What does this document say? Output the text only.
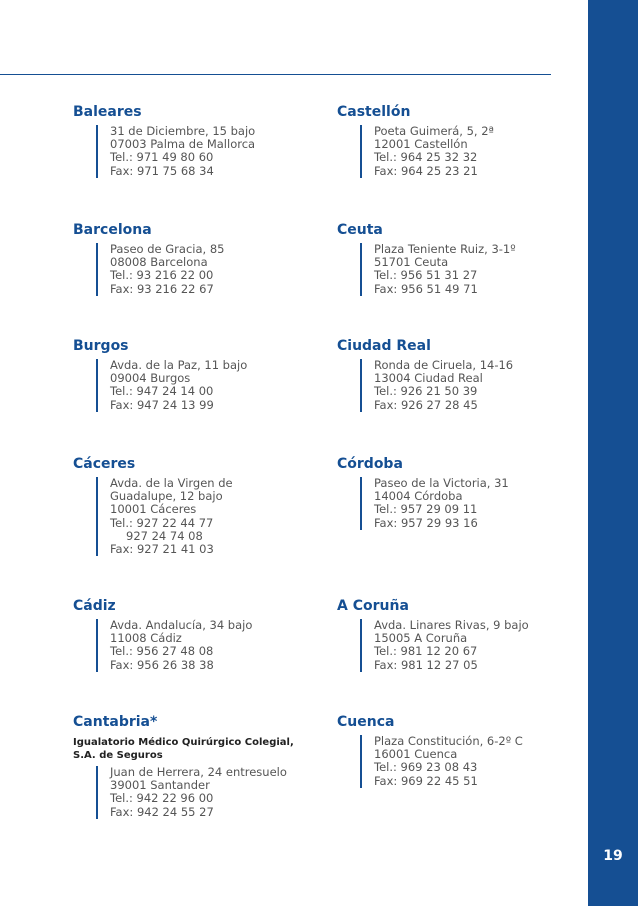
19
Baleares
31 de Diciembre, 15 bajo
07003 Palma de Mallorca
Tel.: 971 49 80 60
Fax: 971 75 68 34
Castellón
Poeta Guimerá, 5, 2ª
12001 Castellón
Tel.: 964 25 32 32
Fax: 964 25 23 21
Barcelona
Paseo de Gracia, 85
08008 Barcelona
Tel.: 93 216 22 00
Fax: 93 216 22 67
Ceuta
Plaza Teniente Ruiz, 3-1º
51701 Ceuta
Tel.: 956 51 31 27
Fax: 956 51 49 71
Burgos
Avda. de la Paz, 11 bajo
09004 Burgos
Tel.: 947 24 14 00
Fax: 947 24 13 99
Ciudad Real
Ronda de Ciruela, 14-16
13004 Ciudad Real
Tel.: 926 21 50 39
Fax: 926 27 28 45
Cáceres
Avda. de la Virgen de
Guadalupe, 12 bajo
10001 Cáceres
Tel.: 927 22 44 77
927 24 74 08
Fax: 927 21 41 03
Córdoba
Paseo de la Victoria, 31
14004 Córdoba
Tel.: 957 29 09 11
Fax: 957 29 93 16
Cádiz
Avda. Andalucía, 34 bajo
11008 Cádiz
Tel.: 956 27 48 08
Fax: 956 26 38 38
A Coruña
Avda. Linares Rivas, 9 bajo
15005 A Coruña
Tel.: 981 12 20 67
Fax: 981 12 27 05
Cantabria*
Igualatorio Médico Quirúrgico Colegial, S.A. de Seguros
Juan de Herrera, 24 entresuelo
39001 Santander
Tel.: 942 22 96 00
Fax: 942 24 55 27
Cuenca
Plaza Constitución, 6-2º C
16001 Cuenca
Tel.: 969 23 08 43
Fax: 969 22 45 51
